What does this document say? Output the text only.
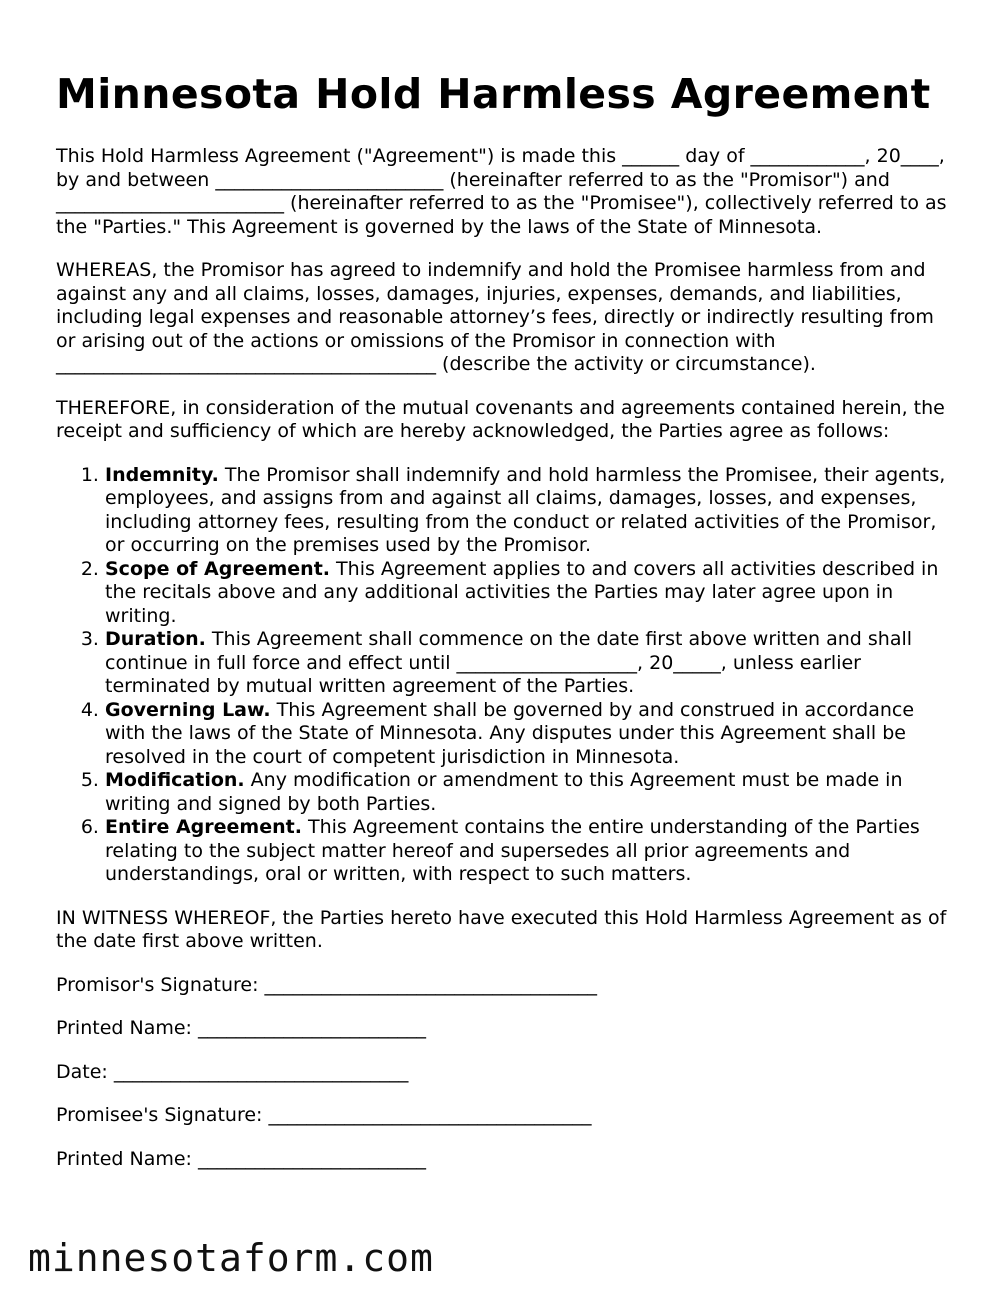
Minnesota Hold Harmless Agreement

This Hold Harmless Agreement ("Agreement") is made this ______ day of ____________, 20____, by and between ________________________ (hereinafter referred to as the "Promisor") and ________________________ (hereinafter referred to as the "Promisee"), collectively referred to as the "Parties." This Agreement is governed by the laws of the State of Minnesota.

WHEREAS, the Promisor has agreed to indemnify and hold the Promisee harmless from and against any and all claims, losses, damages, injuries, expenses, demands, and liabilities, including legal expenses and reasonable attorney’s fees, directly or indirectly resulting from or arising out of the actions or omissions of the Promisor in connection with ________________________________________ (describe the activity or circumstance).

THEREFORE, in consideration of the mutual covenants and agreements contained herein, the receipt and sufficiency of which are hereby acknowledged, the Parties agree as follows:

1. Indemnity. The Promisor shall indemnify and hold harmless the Promisee, their agents, employees, and assigns from and against all claims, damages, losses, and expenses, including attorney fees, resulting from the conduct or related activities of the Promisor, or occurring on the premises used by the Promisor.
2. Scope of Agreement. This Agreement applies to and covers all activities described in the recitals above and any additional activities the Parties may later agree upon in writing.
3. Duration. This Agreement shall commence on the date first above written and shall continue in full force and effect until ___________________, 20_____, unless earlier terminated by mutual written agreement of the Parties.
4. Governing Law. This Agreement shall be governed by and construed in accordance with the laws of the State of Minnesota. Any disputes under this Agreement shall be resolved in the court of competent jurisdiction in Minnesota.
5. Modification. Any modification or amendment to this Agreement must be made in writing and signed by both Parties.
6. Entire Agreement. This Agreement contains the entire understanding of the Parties relating to the subject matter hereof and supersedes all prior agreements and understandings, oral or written, with respect to such matters.

IN WITNESS WHEREOF, the Parties hereto have executed this Hold Harmless Agreement as of the date first above written.

Promisor's Signature: ___________________________________
Printed Name: ________________________
Date: _______________________________
Promisee's Signature: __________________________________
Printed Name: ________________________
minnesotaform.com
